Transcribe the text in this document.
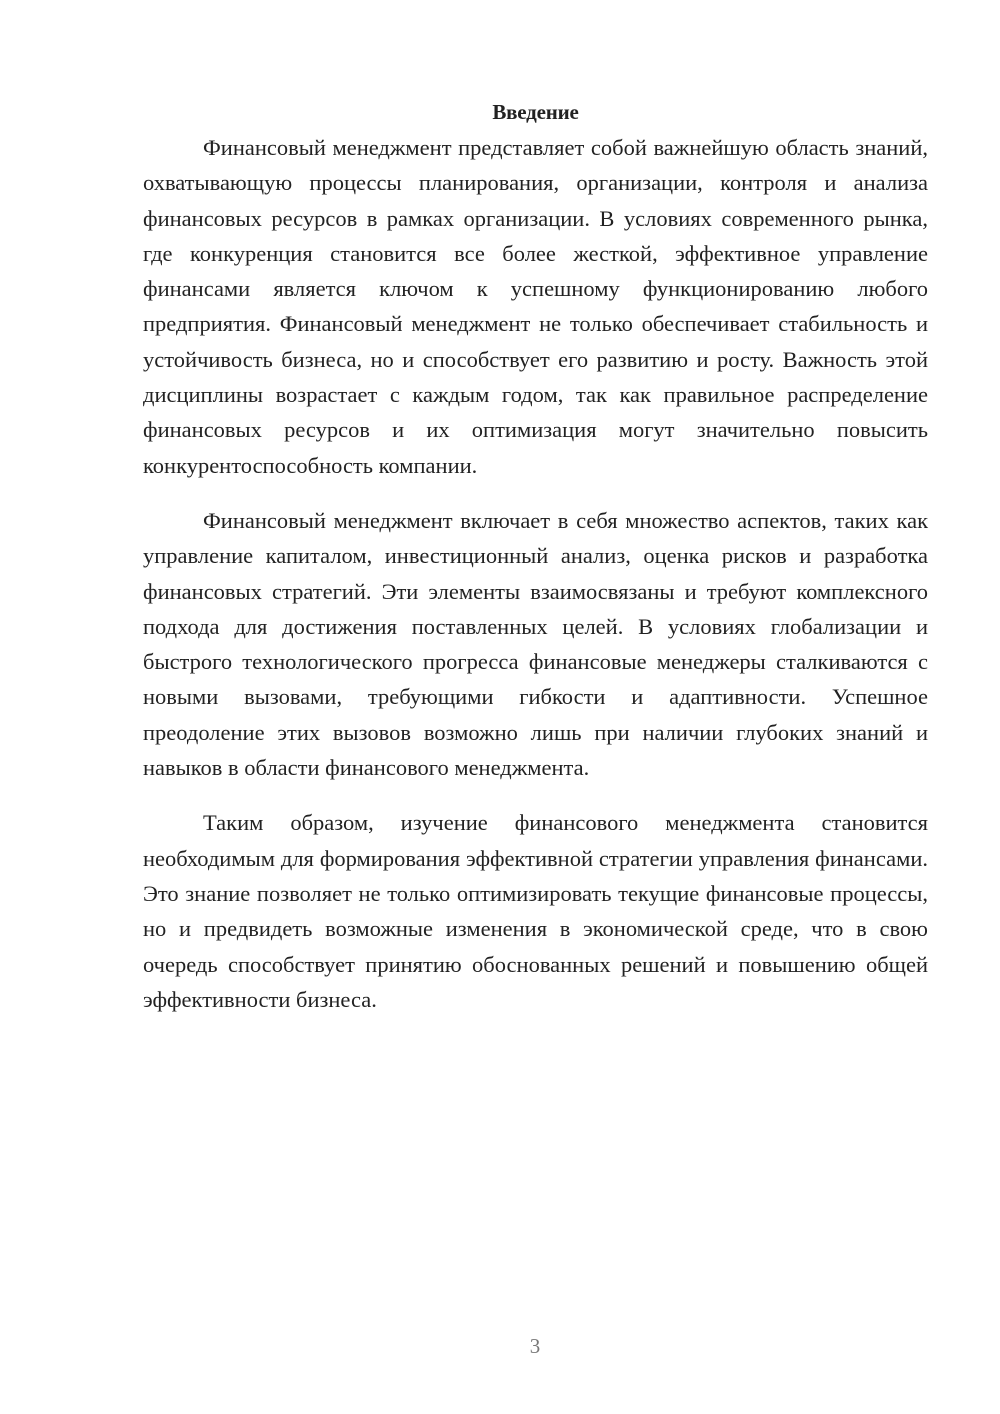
Введение

Финансовый менеджмент представляет собой важнейшую область знаний, охватывающую процессы планирования, организации, контроля и анализа финансовых ресурсов в рамках организации. В условиях современного рынка, где конкуренция становится все более жесткой, эффективное управление финансами является ключом к успешному функционированию любого предприятия. Финансовый менеджмент не только обеспечивает стабильность и устойчивость бизнеса, но и способствует его развитию и росту. Важность этой дисциплины возрастает с каждым годом, так как правильное распределение финансовых ресурсов и их оптимизация могут значительно повысить конкурентоспособность компании.

Финансовый менеджмент включает в себя множество аспектов, таких как управление капиталом, инвестиционный анализ, оценка рисков и разработка финансовых стратегий. Эти элементы взаимосвязаны и требуют комплексного подхода для достижения поставленных целей. В условиях глобализации и быстрого технологического прогресса финансовые менеджеры сталкиваются с новыми вызовами, требующими гибкости и адаптивности. Успешное преодоление этих вызовов возможно лишь при наличии глубоких знаний и навыков в области финансового менеджмента.

Таким образом, изучение финансового менеджмента становится необходимым для формирования эффективной стратегии управления финансами. Это знание позволяет не только оптимизировать текущие финансовые процессы, но и предвидеть возможные изменения в экономической среде, что в свою очередь способствует принятию обоснованных решений и повышению общей эффективности бизнеса.

3
